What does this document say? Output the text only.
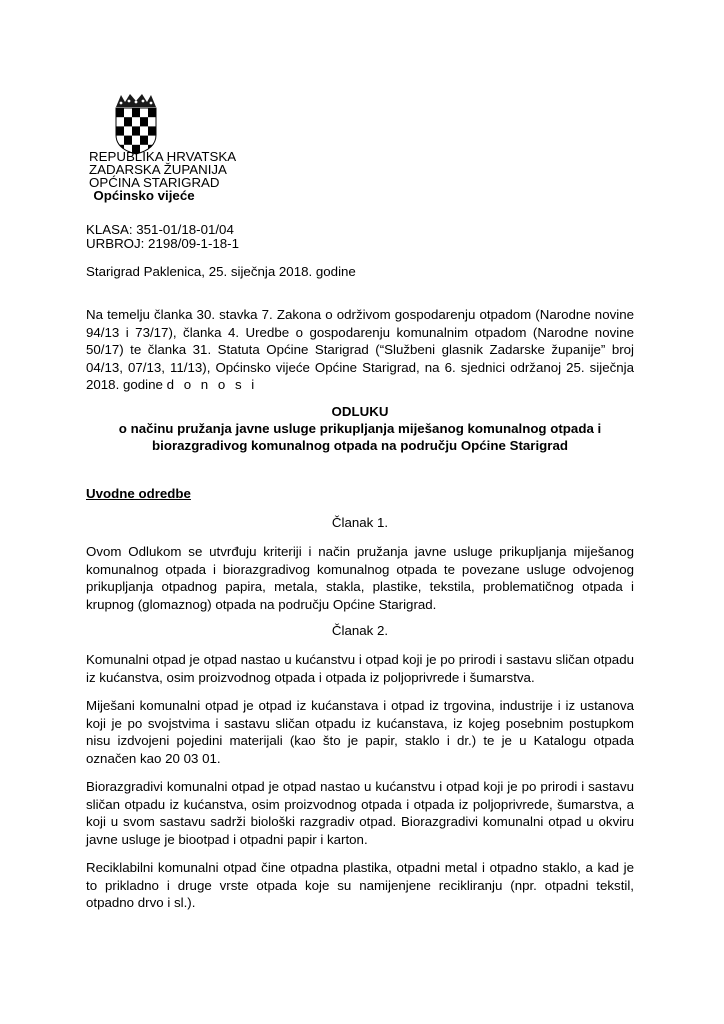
REPUBLIKA HRVATSKA
ZADARSKA ŽUPANIJA
OPĆINA STARIGRAD
Općinsko vijeće
KLASA: 351-01/18-01/04
URBROJ: 2198/09-1-18-1
Starigrad Paklenica, 25. siječnja 2018. godine
Na temelju članka 30. stavka 7. Zakona o održivom gospodarenju otpadom (Narodne novine 94/13 i 73/17), članka 4. Uredbe o gospodarenju komunalnim otpadom (Narodne novine 50/17) te članka 31. Statuta Općine Starigrad (“Službeni glasnik Zadarske županije” broj 04/13, 07/13, 11/13), Općinsko vijeće Općine Starigrad, na 6. sjednici održanoj 25. siječnja 2018. godine d o n o s i
ODLUKU
o načinu pružanja javne usluge prikupljanja miješanog komunalnog otpada i
biorazgradivog komunalnog otpada na području Općine Starigrad
Uvodne odredbe
Članak 1.
Ovom Odlukom se utvrđuju kriteriji i način pružanja javne usluge prikupljanja miješanog komunalnog otpada i biorazgradivog komunalnog otpada te povezane usluge odvojenog prikupljanja otpadnog papira, metala, stakla, plastike, tekstila, problematičnog otpada i krupnog (glomaznog) otpada na području Općine Starigrad.
Članak 2.
Komunalni otpad je otpad nastao u kućanstvu i otpad koji je po prirodi i sastavu sličan otpadu iz kućanstva, osim proizvodnog otpada i otpada iz poljoprivrede i šumarstva.
Miješani komunalni otpad je otpad iz kućanstava i otpad iz trgovina, industrije i iz ustanova koji je po svojstvima i sastavu sličan otpadu iz kućanstava, iz kojeg posebnim postupkom nisu izdvojeni pojedini materijali (kao što je papir, staklo i dr.) te je u Katalogu otpada označen kao 20 03 01.
Biorazgradivi komunalni otpad je otpad nastao u kućanstvu i otpad koji je po prirodi i sastavu sličan otpadu iz kućanstva, osim proizvodnog otpada i otpada iz poljoprivrede, šumarstva, a koji u svom sastavu sadrži biološki razgradiv otpad. Biorazgradivi komunalni otpad u okviru javne usluge je biootpad i otpadni papir i karton.
Reciklabilni komunalni otpad čine otpadna plastika, otpadni metal i otpadno staklo, a kad je to prikladno i druge vrste otpada koje su namijenjene recikliranju (npr. otpadni tekstil, otpadno drvo i sl.).
